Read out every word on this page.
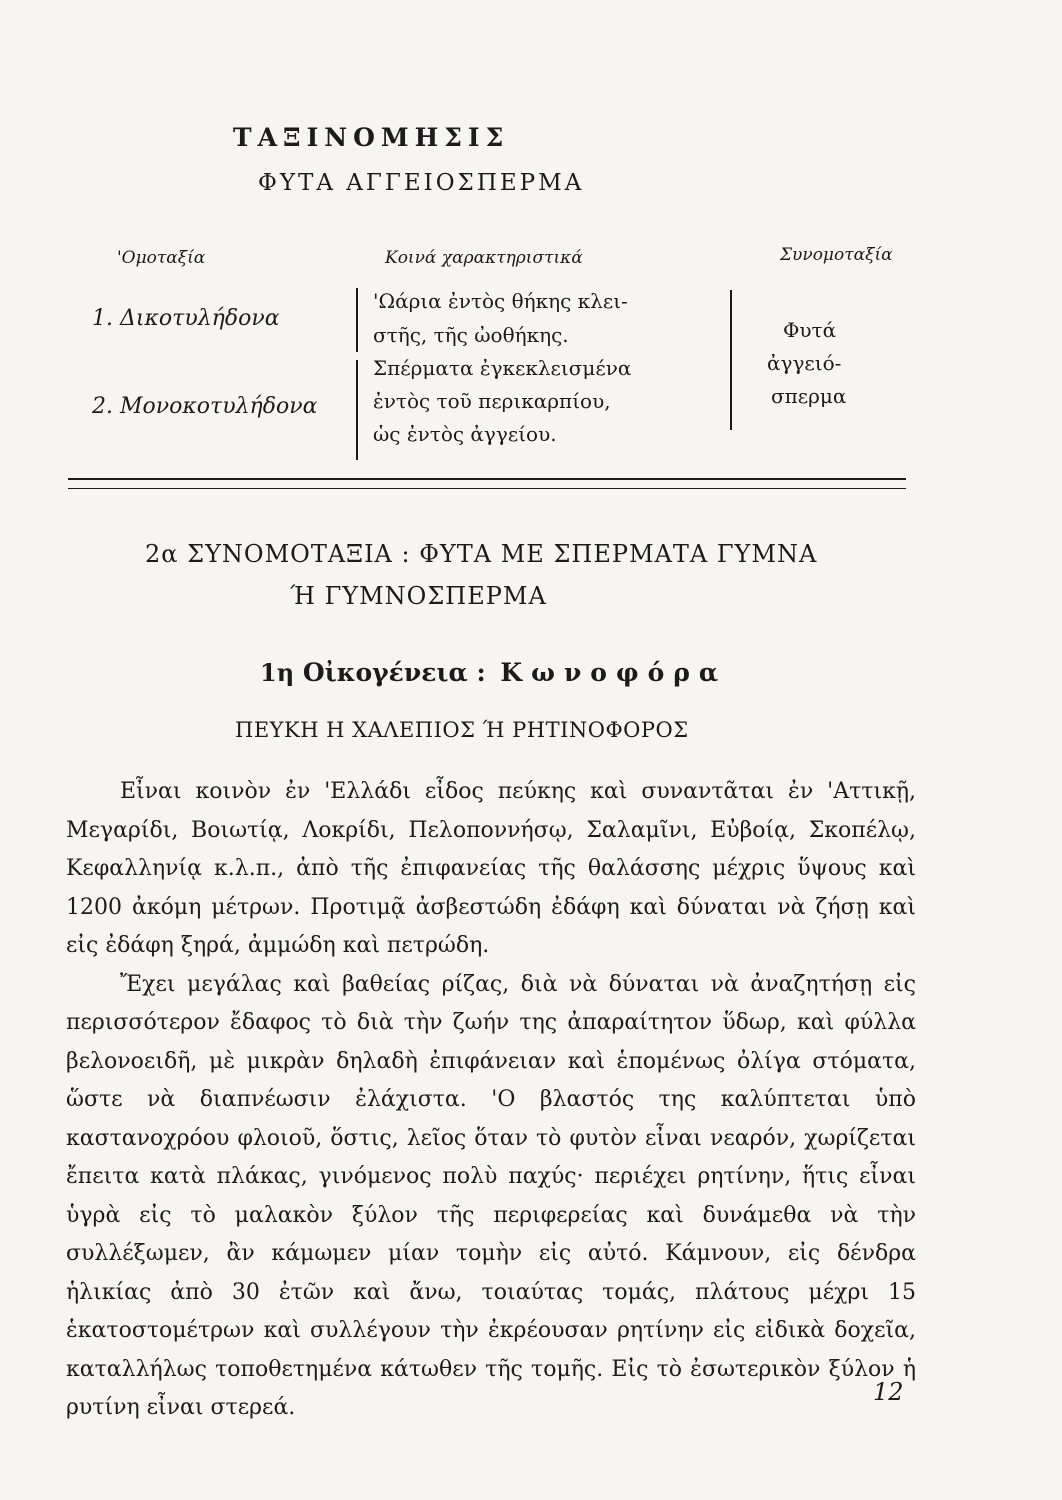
ΤΑΞΙΝΟΜΗΣΙΣ
ΦΥΤΑ ΑΓΓΕΙΟΣΠΕΡΜΑ
'Ομοταξία	Κοινά χαρακτηριστικά	Συνομοταξία
1. Δικοτυλήδονα
2. Μονοκοτυλήδονα
'Ωάρια ἐντὸς θήκης κλει-
στῆς, τῆς ὠοθήκης.
Σπέρματα ἐγκεκλεισμένα
ἐντὸς τοῦ περικαρπίου,
ὡς ἐντὸς ἀγγείου.
Φυτά
ἀγγειό-
σπερμα
2α ΣΥΝΟΜΟΤΑΞΙΑ : ΦΥΤΑ ΜΕ ΣΠΕΡΜΑΤΑ ΓΥΜΝΑ
Ή ΓΥΜΝΟΣΠΕΡΜΑ
1η Οἰκογένεια : Κωνοφόρα
ΠΕΥΚΗ Η ΧΑΛΕΠΙΟΣ Ή ΡΗΤΙΝΟΦΟΡΟΣ

Εἶναι κοινὸν ἐν 'Ελλάδι εἶδος πεύκης καὶ συναντᾶται ἐν 'Αττικῇ, Μεγαρίδι, Βοιωτίᾳ, Λοκρίδι, Πελοποννήσῳ, Σαλαμῖνι, Εὐβοίᾳ, Σκοπέλῳ, Κεφαλληνίᾳ κ.λ.π., ἀπὸ τῆς ἐπιφανείας τῆς θαλάσσης μέχρις ὕψους καὶ 1200 ἀκόμη μέτρων. Προτιμᾷ ἀσβεστώδη ἐδάφη καὶ δύναται νὰ ζήσῃ καὶ εἰς ἐδάφη ξηρά, ἀμμώδη καὶ πετρώδη.

Ἔχει μεγάλας καὶ βαθείας ρίζας, διὰ νὰ δύναται νὰ ἀναζητήσῃ εἰς περισσότερον ἔδαφος τὸ διὰ τὴν ζωήν της ἀπαραίτητον ὕδωρ, καὶ φύλλα βελονοειδῆ, μὲ μικρὰν δηλαδὴ ἐπιφάνειαν καὶ ἑπομένως ὀλίγα στόματα, ὥστε νὰ διαπνέωσιν ἐλάχιστα. 'Ο βλαστός της καλύπτεται ὑπὸ καστανοχρόου φλοιοῦ, ὅστις, λεῖος ὅταν τὸ φυτὸν εἶναι νεαρόν, χωρίζεται ἔπειτα κατὰ πλάκας, γινόμενος πολὺ παχύς· περιέχει ρητίνην, ἥτις εἶναι ὑγρὰ εἰς τὸ μαλακὸν ξύλον τῆς περιφερείας καὶ δυνάμεθα νὰ τὴν συλλέξωμεν, ἂν κάμωμεν μίαν τομὴν εἰς αὐτό. Κάμνουν, εἰς δένδρα ἡλικίας ἀπὸ 30 ἐτῶν καὶ ἄνω, τοιαύτας τομάς, πλάτους μέχρι 15 ἑκατοστομέτρων καὶ συλλέγουν τὴν ἐκρέουσαν ρητίνην εἰς εἰδικὰ δοχεῖα, καταλλήλως τοποθετημένα κάτωθεν τῆς τομῆς. Εἰς τὸ ἐσωτερικὸν ξύλον ἡ ρυτίνη εἶναι στερεά.

12
